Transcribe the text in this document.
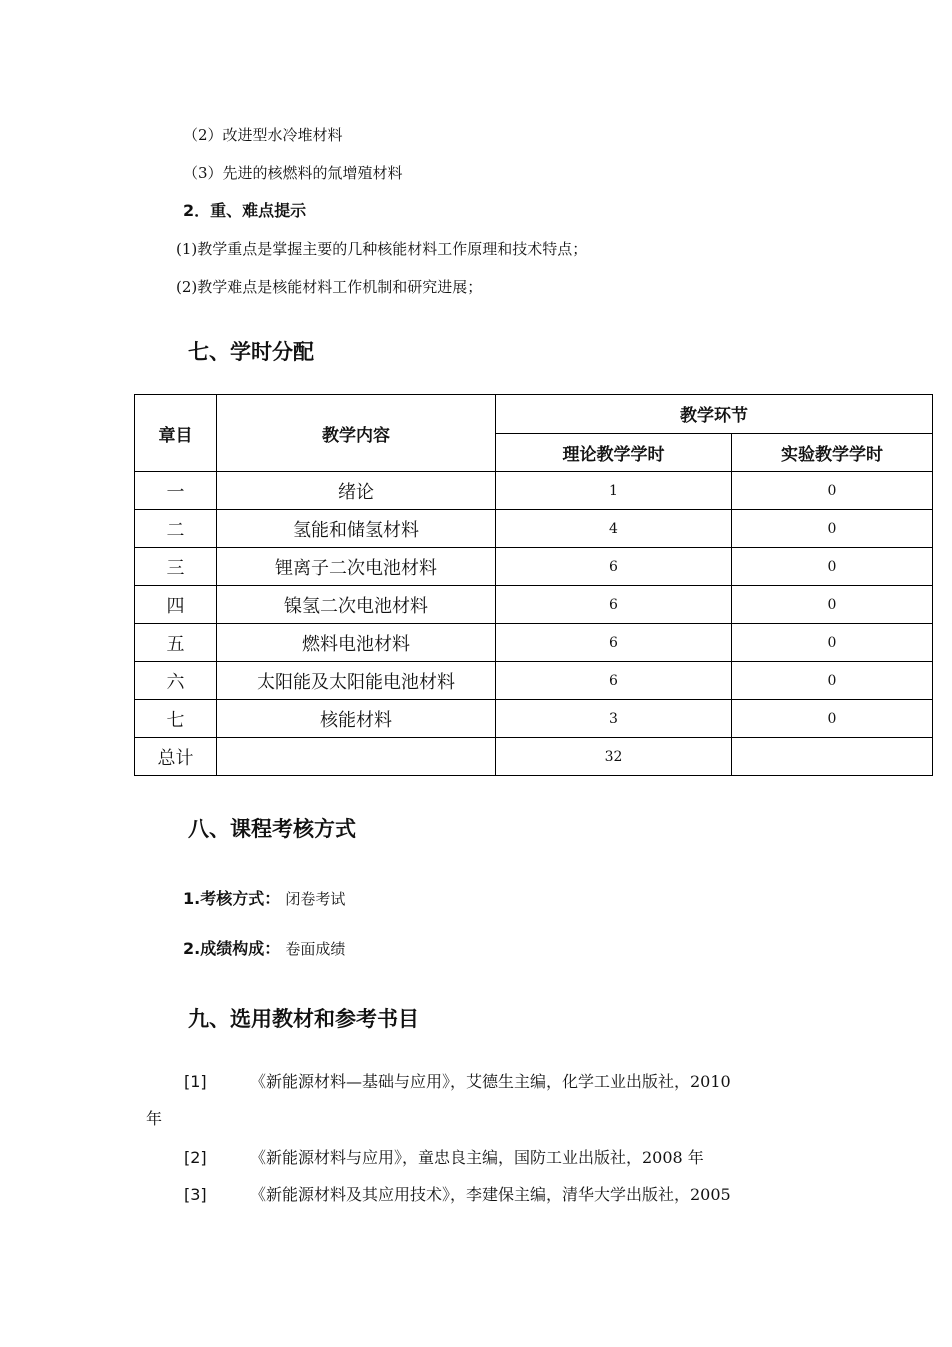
（2）改进型水冷堆材料
（3）先进的核燃料的氚增殖材料
2．重、难点提示
(1)教学重点是掌握主要的几种核能材料工作原理和技术特点；
(2)教学难点是核能材料工作机制和研究进展；
七、学时分配
章目	教学内容	教学环节	
		理论教学学时	实验教学学时
一	绪论	1	0
二	氢能和储氢材料	4	0
三	锂离子二次电池材料	6	0
四	镍氢二次电池材料	6	0
五	燃料电池材料	6	0
六	太阳能及太阳能电池材料	6	0
七	核能材料	3	0
总计		32	
八、课程考核方式
1.考核方式： 闭卷考试
2.成绩构成： 卷面成绩
九、选用教材和参考书目
[1]	《新能源材料—基础与应用》，艾德生主编，化学工业出版社，2010
年
[2]	《新能源材料与应用》，童忠良主编，国防工业出版社，2008 年
[3]	《新能源材料及其应用技术》，李建保主编，清华大学出版社，2005
